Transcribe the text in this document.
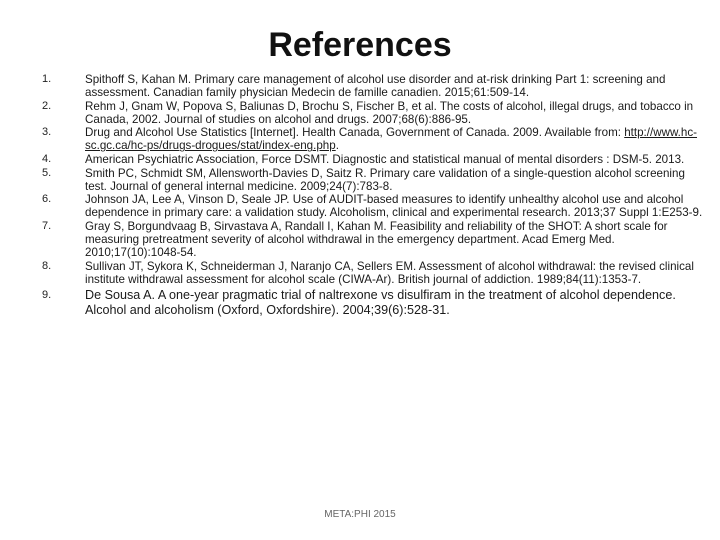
References
1.	Spithoff S, Kahan M. Primary care management of alcohol use disorder and at-risk drinking Part 1: screening and assessment. Canadian family physician Medecin de famille canadien. 2015;61:509-14.
2.	Rehm J, Gnam W, Popova S, Baliunas D, Brochu S, Fischer B, et al. The costs of alcohol, illegal drugs, and tobacco in Canada, 2002. Journal of studies on alcohol and drugs. 2007;68(6):886-95.
3.	Drug and Alcohol Use Statistics [Internet]. Health Canada, Government of Canada. 2009. Available from: http://www.hc-sc.gc.ca/hc-ps/drugs-drogues/stat/index-eng.php.
4.	American Psychiatric Association, Force DSMT. Diagnostic and statistical manual of mental disorders : DSM-5. 2013.
5.	Smith PC, Schmidt SM, Allensworth-Davies D, Saitz R. Primary care validation of a single-question alcohol screening test. Journal of general internal medicine. 2009;24(7):783-8.
6.	Johnson JA, Lee A, Vinson D, Seale JP. Use of AUDIT-based measures to identify unhealthy alcohol use and alcohol dependence in primary care: a validation study. Alcoholism, clinical and experimental research. 2013;37 Suppl 1:E253-9.
7.	Gray S, Borgundvaag B, Sirvastava A, Randall I, Kahan M. Feasibility and reliability of the SHOT: A short scale for measuring pretreatment severity of alcohol withdrawal in the emergency department. Acad Emerg Med. 2010;17(10):1048-54.
8.	Sullivan JT, Sykora K, Schneiderman J, Naranjo CA, Sellers EM. Assessment of alcohol withdrawal: the revised clinical institute withdrawal assessment for alcohol scale (CIWA-Ar). British journal of addiction. 1989;84(11):1353-7.
9.	De Sousa A. A one-year pragmatic trial of naltrexone vs disulfiram in the treatment of alcohol dependence. Alcohol and alcoholism (Oxford, Oxfordshire). 2004;39(6):528-31.
META:PHI 2015
